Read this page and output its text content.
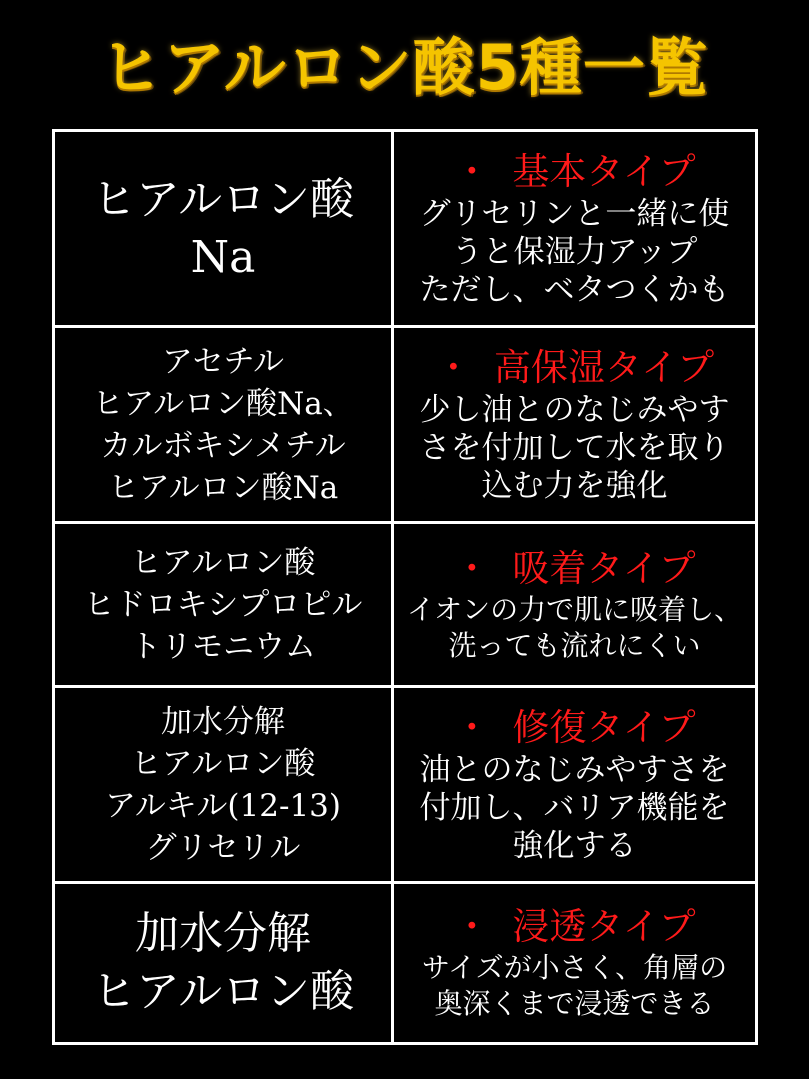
ヒアルロン酸5種一覧
ヒアルロン酸
Na
・ 基本タイプ
グリセリンと一緒に使
うと保湿力アップ
ただし、ベタつくかも
アセチル
ヒアルロン酸Na、
カルボキシメチル
ヒアルロン酸Na
・ 高保湿タイプ
少し油とのなじみやす
さを付加して水を取り
込む力を強化
ヒアルロン酸
ヒドロキシプロピル
トリモニウム
・ 吸着タイプ
イオンの力で肌に吸着し、
洗っても流れにくい
加水分解
ヒアルロン酸
アルキル(12-13)
グリセリル
・ 修復タイプ
油とのなじみやすさを
付加し、バリア機能を
強化する
加水分解
ヒアルロン酸
・ 浸透タイプ
サイズが小さく、角層の
奥深くまで浸透できる
